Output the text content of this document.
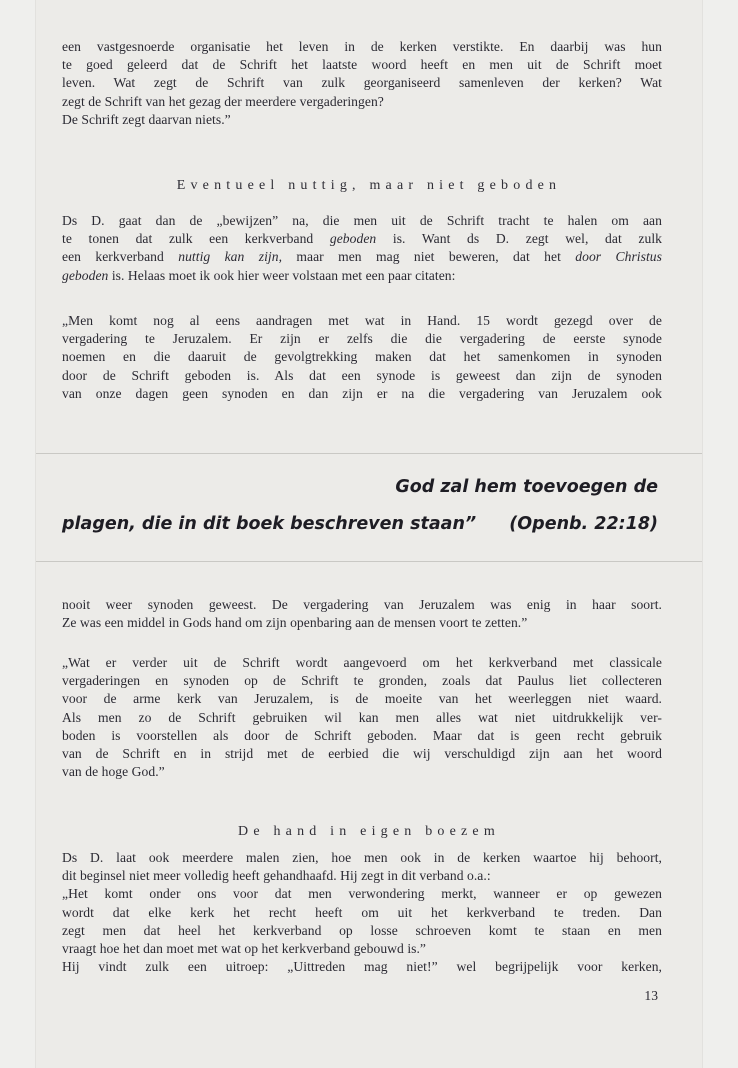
een vastgesnoerde organisatie het leven in de kerken verstikte. En daarbij was hun
te goed geleerd dat de Schrift het laatste woord heeft en men uit de Schrift moet
leven. Wat zegt de Schrift van zulk georganiseerd samenleven der kerken? Wat
zegt de Schrift van het gezag der meerdere vergaderingen?
De Schrift zegt daarvan niets.”
Eventueel nuttig, maar niet geboden
Ds D. gaat dan de „bewijzen” na, die men uit de Schrift tracht te halen om aan
te tonen dat zulk een kerkverband geboden is. Want ds D. zegt wel, dat zulk
een kerkverband nuttig kan zijn, maar men mag niet beweren, dat het door Christus
geboden is. Helaas moet ik ook hier weer volstaan met een paar citaten:
„Men komt nog al eens aandragen met wat in Hand. 15 wordt gezegd over de
vergadering te Jeruzalem. Er zijn er zelfs die die vergadering de eerste synode
noemen en die daaruit de gevolgtrekking maken dat het samenkomen in synoden
door de Schrift geboden is. Als dat een synode is geweest dan zijn de synoden
van onze dagen geen synoden en dan zijn er na die vergadering van Jeruzalem ook
God zal hem toevoegen de
plagen, die in dit boek beschreven staan” (Openb. 22:18)
nooit weer synoden geweest. De vergadering van Jeruzalem was enig in haar soort.
Ze was een middel in Gods hand om zijn openbaring aan de mensen voort te zetten.”
„Wat er verder uit de Schrift wordt aangevoerd om het kerkverband met classicale
vergaderingen en synoden op de Schrift te gronden, zoals dat Paulus liet collecteren
voor de arme kerk van Jeruzalem, is de moeite van het weerleggen niet waard.
Als men zo de Schrift gebruiken wil kan men alles wat niet uitdrukkelijk ver-
boden is voorstellen als door de Schrift geboden. Maar dat is geen recht gebruik
van de Schrift en in strijd met de eerbied die wij verschuldigd zijn aan het woord
van de hoge God.”
De hand in eigen boezem
Ds D. laat ook meerdere malen zien, hoe men ook in de kerken waartoe hij behoort,
dit beginsel niet meer volledig heeft gehandhaafd. Hij zegt in dit verband o.a.:
„Het komt onder ons voor dat men verwondering merkt, wanneer er op gewezen
wordt dat elke kerk het recht heeft om uit het kerkverband te treden. Dan
zegt men dat heel het kerkverband op losse schroeven komt te staan en men
vraagt hoe het dan moet met wat op het kerkverband gebouwd is.”
Hij vindt zulk een uitroep: „Uittreden mag niet!” wel begrijpelijk voor kerken,
13
